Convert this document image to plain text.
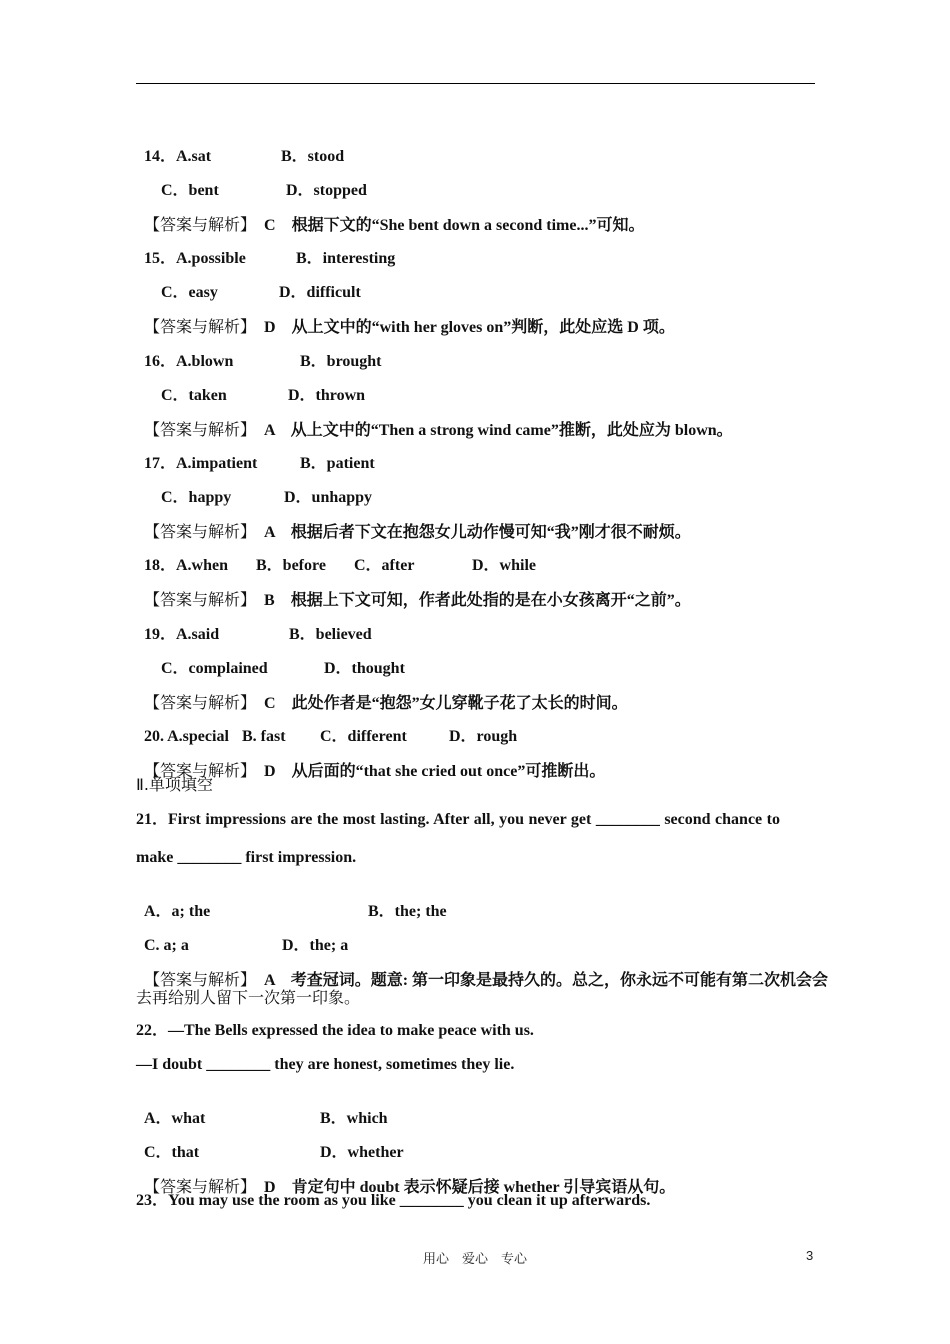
14．A.sat	B．stood

C．bent	D．stopped

【答案与解析】 C　根据下文的“She bent down a second time...”可知。

15．A.possible	B．interesting

C．easy	D．difficult

【答案与解析】 D　从上文中的“with her gloves on”判断，此处应选 D 项。

16．A.blown	B．brought

C．taken	D．thrown

【答案与解析】 A　从上文中的“Then a strong wind came”推断，此处应为 blown。

17．A.impatient	B．patient

C．happy	D．unhappy

【答案与解析】 A　根据后者下文在抱怨女儿动作慢可知“我”刚才很不耐烦。

18．A.when B．before C．after	D．while

【答案与解析】 B　根据上下文可知，作者此处指的是在小女孩离开“之前”。

19．A.said	B．believed

C．complained	D．thought

【答案与解析】 C　此处作者是“抱怨”女儿穿靴子花了太长的时间。

20. A.special B. fast C．different	D．rough

【答案与解析】 D　从后面的“that she cried out once”可推断出。

Ⅱ.单项填空
21．First impressions are the most lasting. After all, you never get ________ second chance to
make ________ first impression.

A．a; the	B．the; the

C. a; a	D．the; a

【答案与解析】 A　考查冠词。题意: 第一印象是最持久的。总之，你永远不可能有第二次机会会

去再给别人留下一次第一印象。
22．—The Bells expressed the idea to make peace with us.
—I doubt ________ they are honest, sometimes they lie.

A．what	B．which

C．that	D．whether

【答案与解析】 D　肯定句中 doubt 表示怀疑后接 whether 引导宾语从句。

23．You may use the room as you like ________ you clean it up afterwards.
用心　爱心　专心	3
